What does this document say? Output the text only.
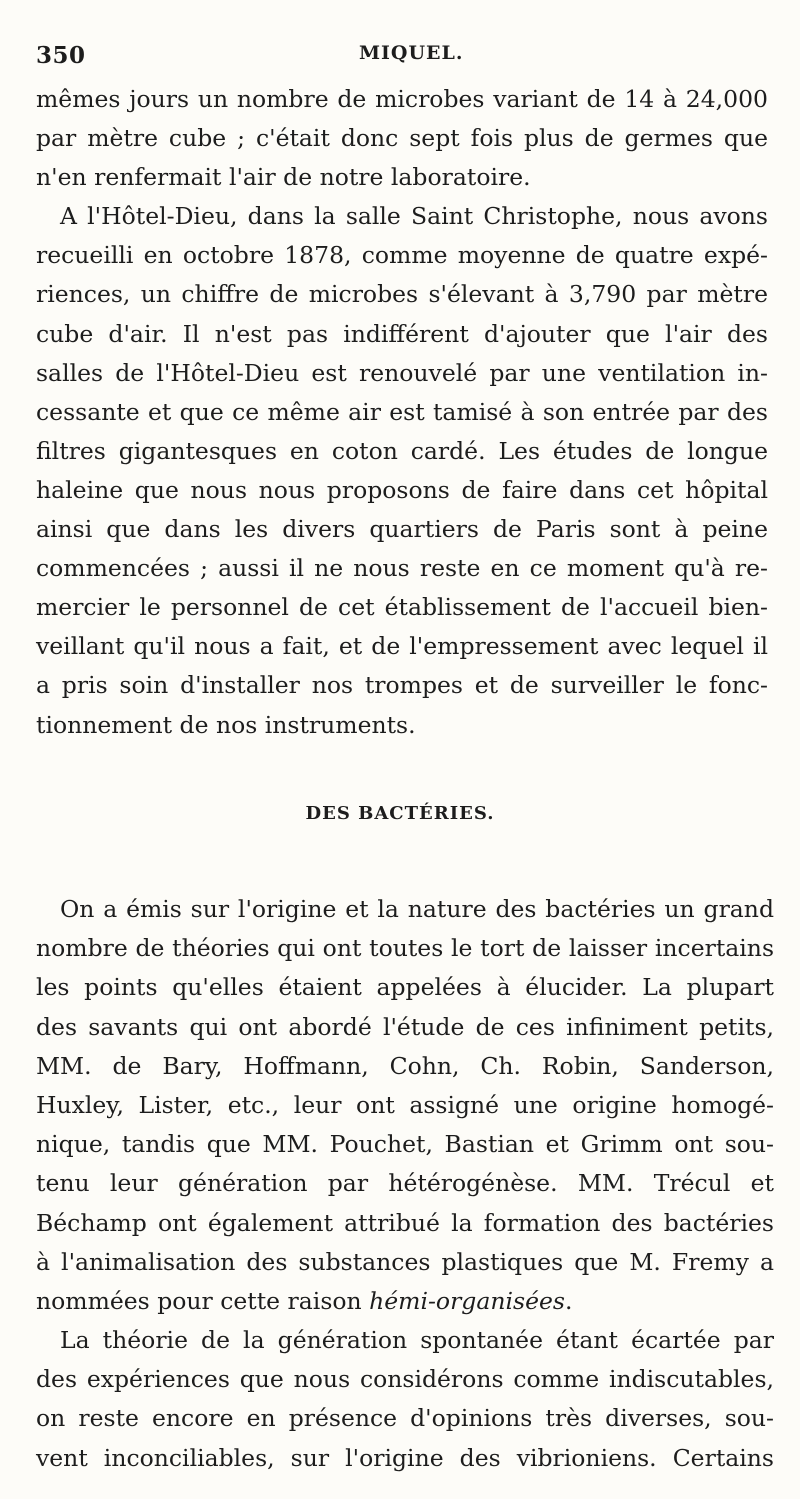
350	MIQUEL.
mêmes jours un nombre de microbes variant de 14 à 24,000
par mètre cube ; c'était donc sept fois plus de germes que
n'en renfermait l'air de notre laboratoire.
A l'Hôtel-Dieu, dans la salle Saint Christophe, nous avons
recueilli en octobre 1878, comme moyenne de quatre expé-
riences, un chiffre de microbes s'élevant à 3,790 par mètre
cube d'air. Il n'est pas indifférent d'ajouter que l'air des
salles de l'Hôtel-Dieu est renouvelé par une ventilation in-
cessante et que ce même air est tamisé à son entrée par des
filtres gigantesques en coton cardé. Les études de longue
haleine que nous nous proposons de faire dans cet hôpital
ainsi que dans les divers quartiers de Paris sont à peine
commencées ; aussi il ne nous reste en ce moment qu'à re-
mercier le personnel de cet établissement de l'accueil bien-
veillant qu'il nous a fait, et de l'empressement avec lequel il
a pris soin d'installer nos trompes et de surveiller le fonc-
tionnement de nos instruments.
DES BACTÉRIES.
On a émis sur l'origine et la nature des bactéries un grand
nombre de théories qui ont toutes le tort de laisser incertains
les points qu'elles étaient appelées à élucider. La plupart
des savants qui ont abordé l'étude de ces infiniment petits,
MM. de Bary, Hoffmann, Cohn, Ch. Robin, Sanderson,
Huxley, Lister, etc., leur ont assigné une origine homogé-
nique, tandis que MM. Pouchet, Bastian et Grimm ont sou-
tenu leur génération par hétérogénèse. MM. Trécul et
Béchamp ont également attribué la formation des bactéries
à l'animalisation des substances plastiques que M. Fremy a
nommées pour cette raison hémi-organisées.
La théorie de la génération spontanée étant écartée par
des expériences que nous considérons comme indiscutables,
on reste encore en présence d'opinions très diverses, sou-
vent inconciliables, sur l'origine des vibrioniens. Certains
